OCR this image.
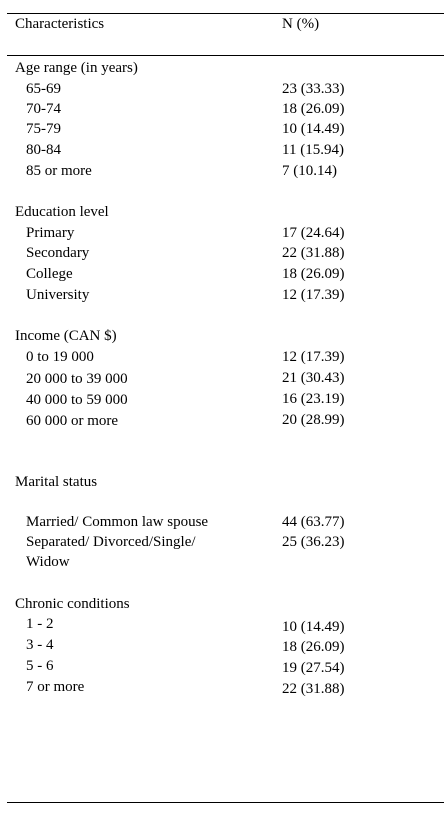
Characteristics	N (%)
Age range (in years)
65-69	23 (33.33)
70-74	18 (26.09)
75-79	10 (14.49)
80-84	11 (15.94)
85 or more	7 (10.14)
Education level
Primary	17 (24.64)
Secondary	22 (31.88)
College	18 (26.09)
University	12 (17.39)
Income (CAN $)
0 to 19 000	12 (17.39)
20 000 to 39 000	21 (30.43)
40 000 to 59 000	16 (23.19)
60 000 or more	20 (28.99)
Marital status
Married/ Common law spouse	44 (63.77)
Separated/ Divorced/Single/	25 (36.23)
Widow
Chronic conditions
1 - 2	10 (14.49)
3 - 4	18 (26.09)
5 - 6	19 (27.54)
7 or more	22 (31.88)
